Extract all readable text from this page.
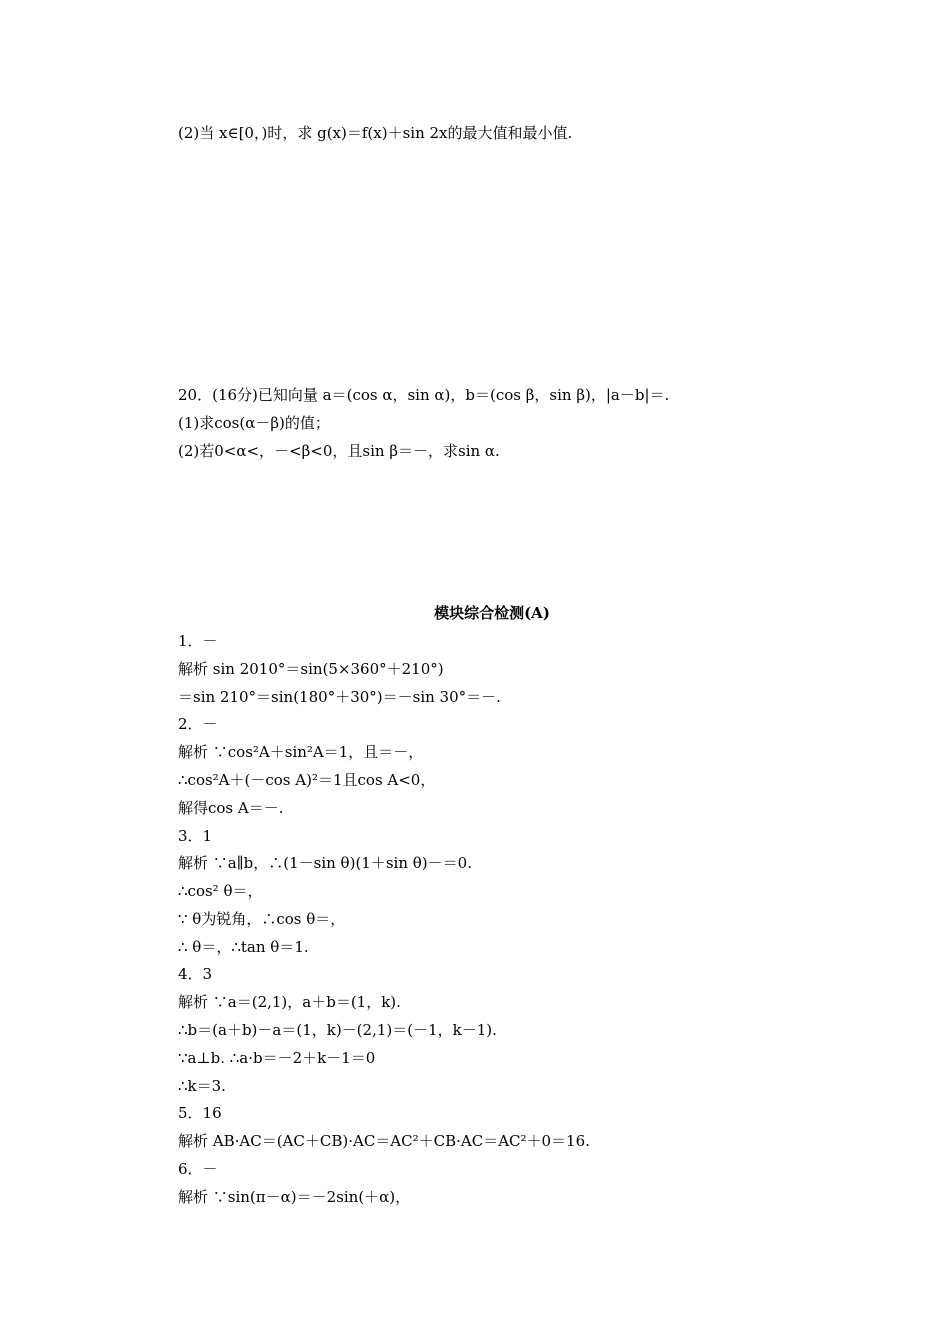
(2)当 x∈[0，)时，求 g(x)＝f(x)＋sin 2x的最大值和最小值.
20．(16分)已知向量 a＝(cos α，sin α)，b＝(cos β，sin β)，|a－b|＝.
(1)求cos(α－β)的值；
(2)若0<α<，－<β<0，且sin β＝－，求sin α.
模块综合检测(A)
1．－
解析 sin 2010°＝sin(5×360°＋210°)
＝sin 210°＝sin(180°＋30°)＝－sin 30°＝－.
2．－
解析 ∵cos²A＋sin²A＝1，且＝－，
∴cos²A＋(－cos A)²＝1且cos A<0，
解得cos A＝－.
3．1
解析 ∵a∥b，∴(1－sin θ)(1＋sin θ)－＝0.
∴cos² θ＝，
∵ θ为锐角，∴cos θ＝，
∴ θ＝，∴tan θ＝1.
4．3
解析 ∵a＝(2,1)，a＋b＝(1，k).
∴b＝(a＋b)－a＝(1，k)－(2,1)＝(－1，k－1).
∵a⊥b. ∴a·b＝－2＋k－1＝0
∴k＝3.
5．16
解析 AB·AC＝(AC＋CB)·AC＝AC²＋CB·AC＝AC²＋0＝16.
6．－
解析 ∵sin(π－α)＝－2sin(＋α)，
